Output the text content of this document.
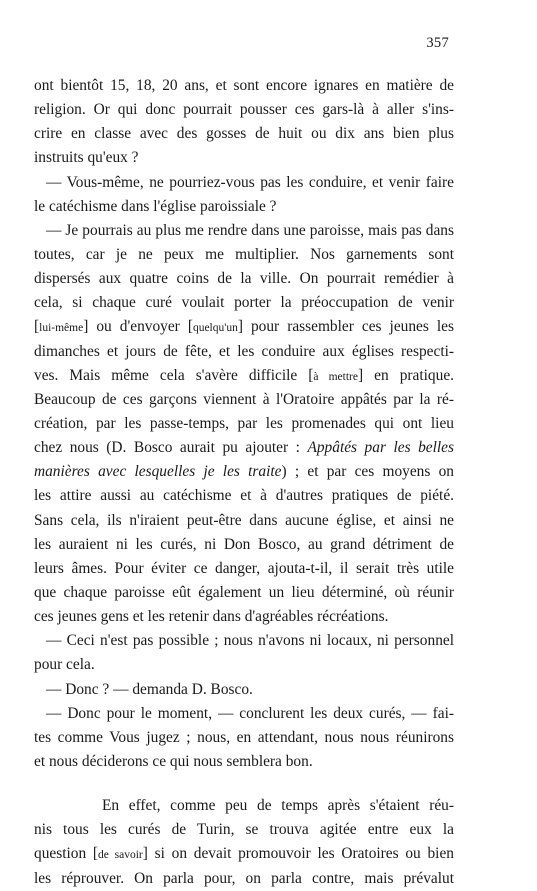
357
ont bientôt 15, 18, 20 ans, et sont encore ignares en matière de
religion. Or qui donc pourrait pousser ces gars-là à aller s'ins-
crire en classe avec des gosses de huit ou dix ans bien plus
instruits qu'eux ?
— Vous-même, ne pourriez-vous pas les conduire, et venir faire
le catéchisme dans l'église paroissiale ?
— Je pourrais au plus me rendre dans une paroisse, mais pas dans
toutes, car je ne peux me multiplier. Nos garnements sont
dispersés aux quatre coins de la ville. On pourrait remédier à
cela, si chaque curé voulait porter la préoccupation de venir
[lui-même] ou d'envoyer [quelqu'un] pour rassembler ces jeunes les
dimanches et jours de fête, et les conduire aux églises respecti-
ves. Mais même cela s'avère difficile [à mettre] en pratique.
Beaucoup de ces garçons viennent à l'Oratoire appâtés par la ré-
création, par les passe-temps, par les promenades qui ont lieu
chez nous (D. Bosco aurait pu ajouter : Appâtés par les belles
manières avec lesquelles je les traite) ; et par ces moyens on
les attire aussi au catéchisme et à d'autres pratiques de piété.
Sans cela, ils n'iraient peut-être dans aucune église, et ainsi ne
les auraient ni les curés, ni Don Bosco, au grand détriment de
leurs âmes. Pour éviter ce danger, ajouta-t-il, il serait très utile
que chaque paroisse eût également un lieu déterminé, où réunir
ces jeunes gens et les retenir dans d'agréables récréations.
— Ceci n'est pas possible ; nous n'avons ni locaux, ni personnel
pour cela.
— Donc ? — demanda D. Bosco.
— Donc pour le moment, — conclurent les deux curés, — fai-
tes comme Vous jugez ; nous, en attendant, nous nous réunirons
et nous déciderons ce qui nous semblera bon.
En effet, comme peu de temps après s'étaient réu-
nis tous les curés de Turin, se trouva agitée entre eux la
question [de savoir] si on devait promouvoir les Oratoires ou bien
les réprouver. On parla pour, on parla contre, mais prévalut
